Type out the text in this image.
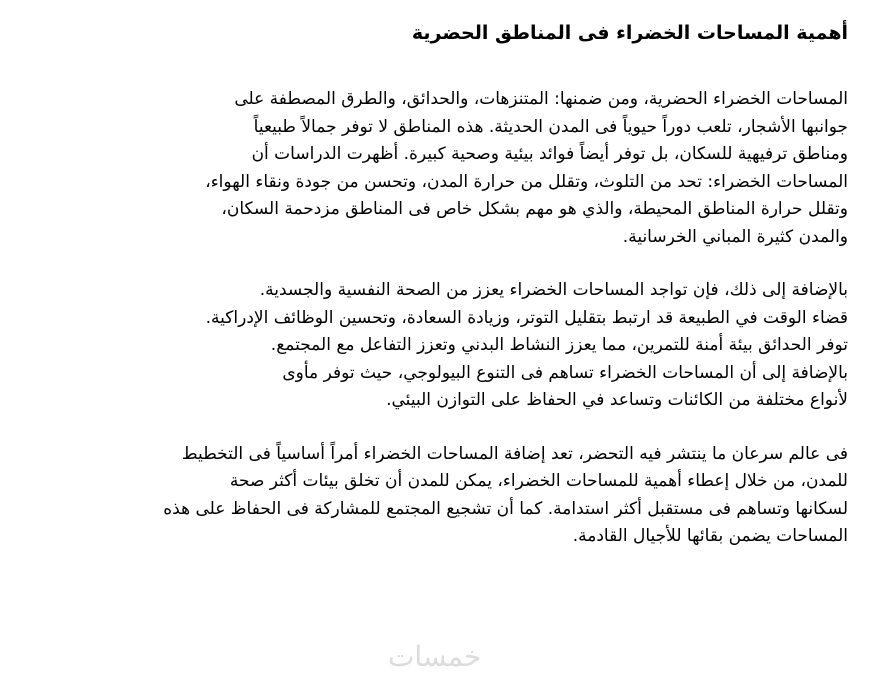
أهمية المساحات الخضراء فى المناطق الحضرية
المساحات الخضراء الحضرية، ومن ضمنها: المتنزهات، والحدائق، والطرق المصطفة على
جوانبها الأشجار، تلعب دوراً حيوياً فى المدن الحديثة. هذه المناطق لا توفر جمالاً طبيعياً
ومناطق ترفيهية للسكان، بل توفر أيضاً فوائد بيئية وصحية كبيرة. أظهرت الدراسات أن
المساحات الخضراء: تحد من التلوث، وتقلل من حرارة المدن، وتحسن من جودة ونقاء الهواء،
وتقلل حرارة المناطق المحيطة، والذي هو مهم بشكل خاص فى المناطق مزدحمة السكان،
والمدن كثيرة المباني الخرسانية.
بالإضافة إلى ذلك، فإن تواجد المساحات الخضراء يعزز من الصحة النفسية والجسدية.
قضاء الوقت في الطبيعة قد ارتبط بتقليل التوتر، وزيادة السعادة، وتحسين الوظائف الإدراكية.
توفر الحدائق بيئة أمنة للتمرين، مما يعزز النشاط البدني وتعزز التفاعل مع المجتمع.
بالإضافة إلى أن المساحات الخضراء تساهم فى التنوع البيولوجي، حيث توفر مأوى
لأنواع مختلفة من الكائنات وتساعد في الحفاظ على التوازن البيئي.
فى عالم سرعان ما ينتشر فيه التحضر، تعد إضافة المساحات الخضراء أمراً أساسياً فى التخطيط
للمدن، من خلال إعطاء أهمية للمساحات الخضراء، يمكن للمدن أن تخلق بيئات أكثر صحة
لسكانها وتساهم فى مستقبل أكثر استدامة. كما أن تشجيع المجتمع للمشاركة فى الحفاظ على هذه
المساحات يضمن بقائها للأجيال القادمة.
خمسات
